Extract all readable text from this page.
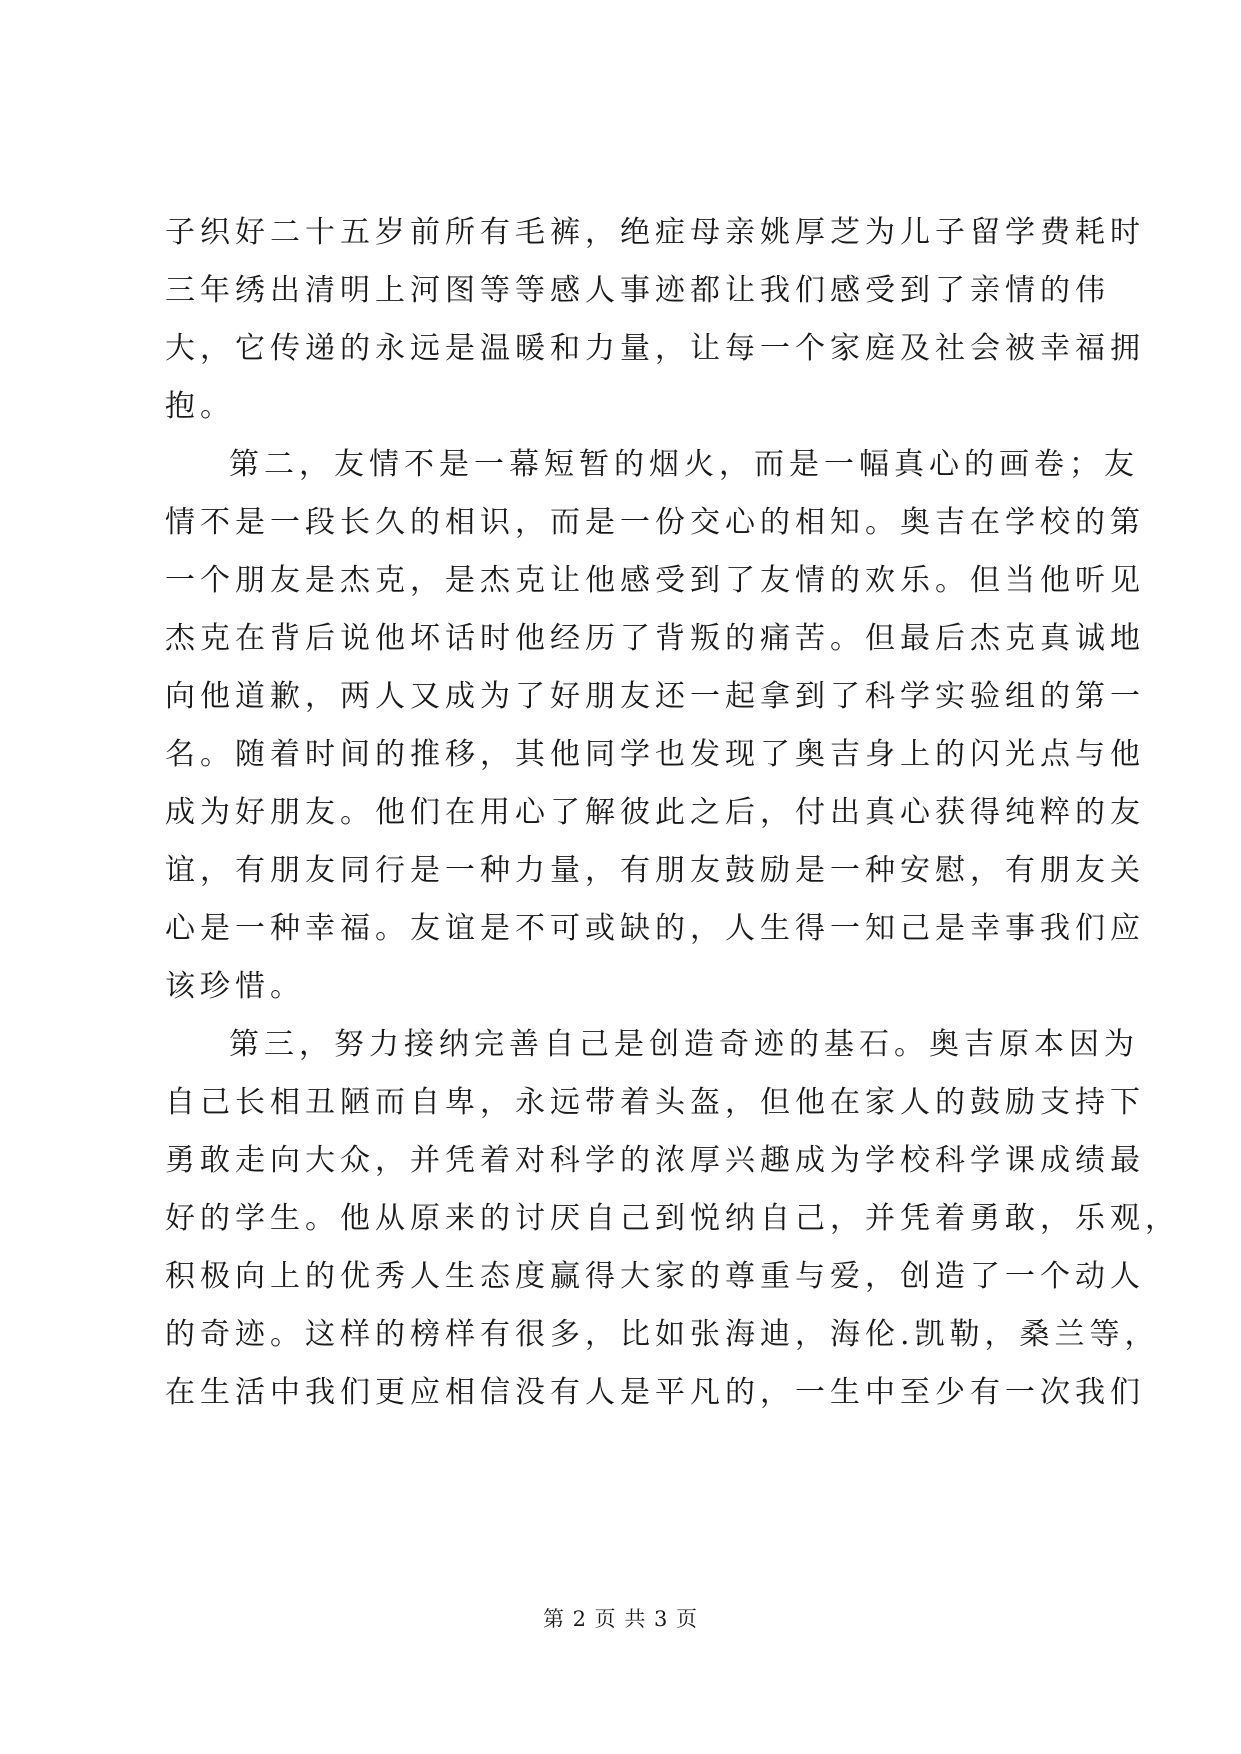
子织好二十五岁前所有毛裤，绝症母亲姚厚芝为儿子留学费耗时
三年绣出清明上河图等等感人事迹都让我们感受到了亲情的伟
大，它传递的永远是温暖和力量，让每一个家庭及社会被幸福拥
抱。
第二，友情不是一幕短暂的烟火，而是一幅真心的画卷；友
情不是一段长久的相识，而是一份交心的相知。奥吉在学校的第
一个朋友是杰克，是杰克让他感受到了友情的欢乐。但当他听见
杰克在背后说他坏话时他经历了背叛的痛苦。但最后杰克真诚地
向他道歉，两人又成为了好朋友还一起拿到了科学实验组的第一
名。随着时间的推移，其他同学也发现了奥吉身上的闪光点与他
成为好朋友。他们在用心了解彼此之后，付出真心获得纯粹的友
谊，有朋友同行是一种力量，有朋友鼓励是一种安慰，有朋友关
心是一种幸福。友谊是不可或缺的，人生得一知己是幸事我们应
该珍惜。
第三，努力接纳完善自己是创造奇迹的基石。奥吉原本因为
自己长相丑陋而自卑，永远带着头盔，但他在家人的鼓励支持下
勇敢走向大众，并凭着对科学的浓厚兴趣成为学校科学课成绩最
好的学生。他从原来的讨厌自己到悦纳自己，并凭着勇敢，乐观，
积极向上的优秀人生态度赢得大家的尊重与爱，创造了一个动人
的奇迹。这样的榜样有很多，比如张海迪，海伦.凯勒，桑兰等，
在生活中我们更应相信没有人是平凡的，一生中至少有一次我们
第 2 页 共 3 页
